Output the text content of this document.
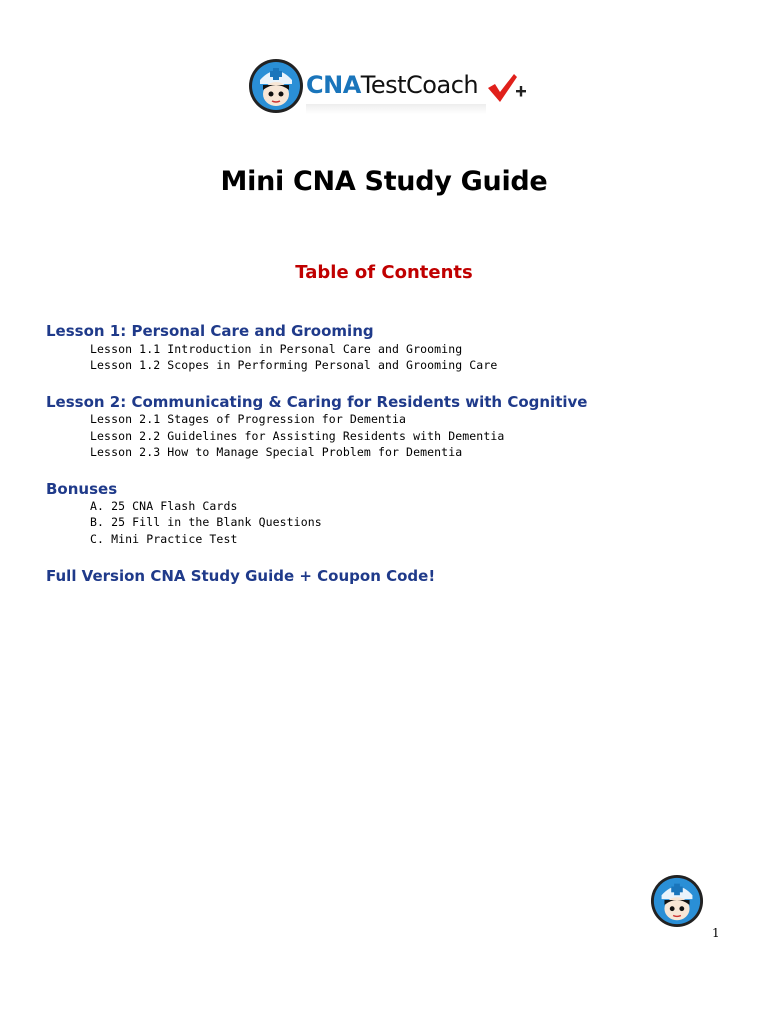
CNATestCoach
Mini CNA Study Guide
Table of Contents
Lesson 1: Personal Care and Grooming
Lesson 1.1 Introduction in Personal Care and Grooming
Lesson 1.2 Scopes in Performing Personal and Grooming Care
Lesson 2: Communicating & Caring for Residents with Cognitive
Lesson 2.1 Stages of Progression for Dementia
Lesson 2.2 Guidelines for Assisting Residents with Dementia
Lesson 2.3 How to Manage Special Problem for Dementia
Bonuses
A. 25 CNA Flash Cards
B. 25 Fill in the Blank Questions
C. Mini Practice Test
Full Version CNA Study Guide + Coupon Code!
1
